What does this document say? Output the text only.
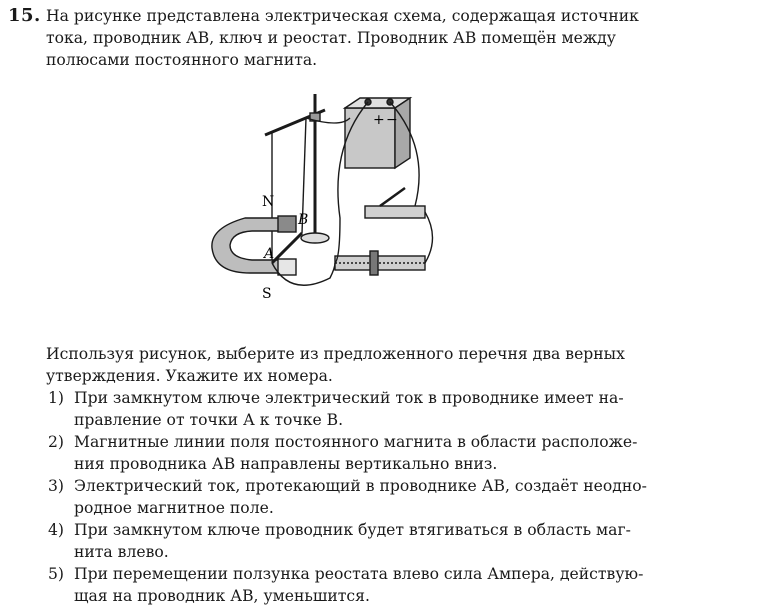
15. На рисунке представлена электрическая схема, содержащая источник
тока, проводник АВ, ключ и реостат. Проводник АВ помещён между
полюсами постоянного магнита.
N
S
A
B
+ −
Используя рисунок, выберите из предложенного перечня два верных
утверждения. Укажите их номера.
1) При замкнутом ключе электрический ток в проводнике имеет на-
правление от точки А к точке В.
2) Магнитные линии поля постоянного магнита в области расположе-
ния проводника АВ направлены вертикально вниз.
3) Электрический ток, протекающий в проводнике АВ, создаёт неодно-
родное магнитное поле.
4) При замкнутом ключе проводник будет втягиваться в область маг-
нита влево.
5) При перемещении ползунка реостата влево сила Ампера, действую-
щая на проводник АВ, уменьшится.
